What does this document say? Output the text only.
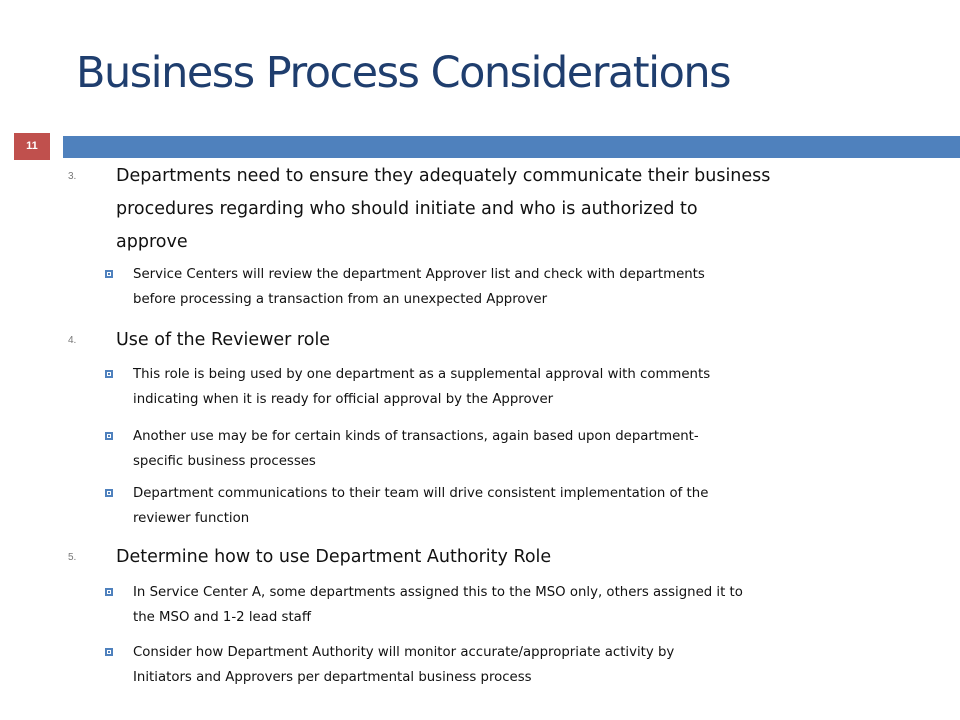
Business Process Considerations
11
3. Departments need to ensure they adequately communicate their business
procedures regarding who should initiate and who is authorized to
approve
Service Centers will review the department Approver list and check with departments
before processing a transaction from an unexpected Approver
4. Use of the Reviewer role
This role is being used by one department as a supplemental approval with comments
indicating when it is ready for official approval by the Approver
Another use may be for certain kinds of transactions, again based upon department-
specific business processes
Department communications to their team will drive consistent implementation of the
reviewer function
5. Determine how to use Department Authority Role
In Service Center A, some departments assigned this to the MSO only, others assigned it to
the MSO and 1-2 lead staff
Consider how Department Authority will monitor accurate/appropriate activity by
Initiators and Approvers per departmental business process
